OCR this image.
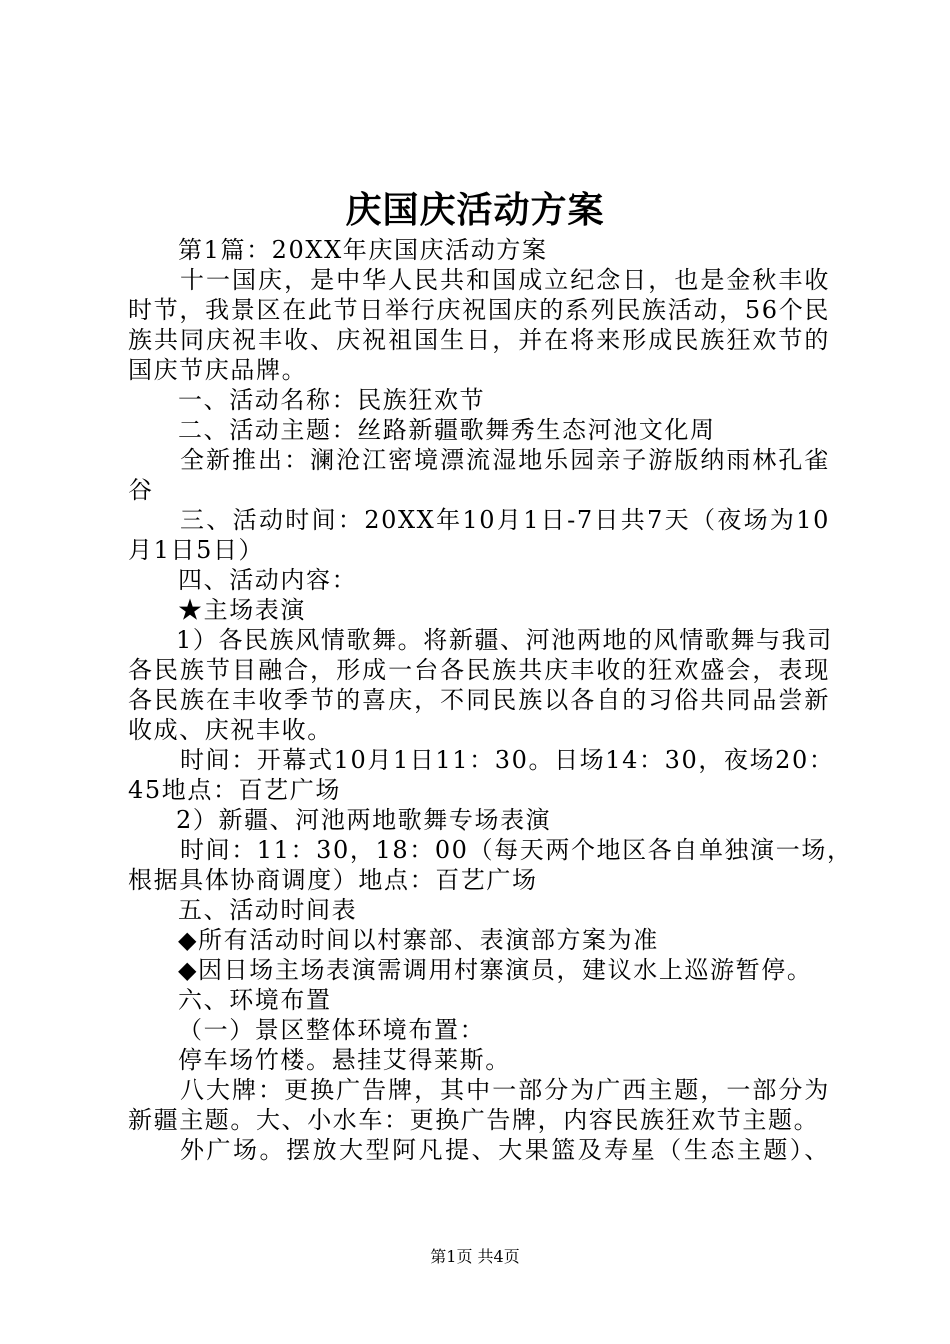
庆国庆活动方案
第1篇：20XX年庆国庆活动方案
十一国庆，是中华人民共和国成立纪念日，也是金秋丰收
时节，我景区在此节日举行庆祝国庆的系列民族活动，56个民
族共同庆祝丰收、庆祝祖国生日，并在将来形成民族狂欢节的
国庆节庆品牌。
一、活动名称：民族狂欢节
二、活动主题：丝路新疆歌舞秀生态河池文化周
全新推出：澜沧江密境漂流湿地乐园亲子游版纳雨林孔雀
谷
三、活动时间：20XX年10月1日-7日共7天（夜场为10
月1日5日）
四、活动内容：
★主场表演
1）各民族风情歌舞。将新疆、河池两地的风情歌舞与我司
各民族节目融合，形成一台各民族共庆丰收的狂欢盛会，表现
各民族在丰收季节的喜庆，不同民族以各自的习俗共同品尝新
收成、庆祝丰收。
时间：开幕式10月1日11：30。日场14：30，夜场20：
45地点：百艺广场
2）新疆、河池两地歌舞专场表演
时间：11：30，18：00（每天两个地区各自单独演一场，
根据具体协商调度）地点：百艺广场
五、活动时间表
◆所有活动时间以村寨部、表演部方案为准
◆因日场主场表演需调用村寨演员，建议水上巡游暂停。
六、环境布置
（一）景区整体环境布置：
停车场竹楼。悬挂艾得莱斯。
八大牌：更换广告牌，其中一部分为广西主题，一部分为
新疆主题。大、小水车：更换广告牌，内容民族狂欢节主题。
外广场。摆放大型阿凡提、大果篮及寿星（生态主题）、
第1页 共4页
